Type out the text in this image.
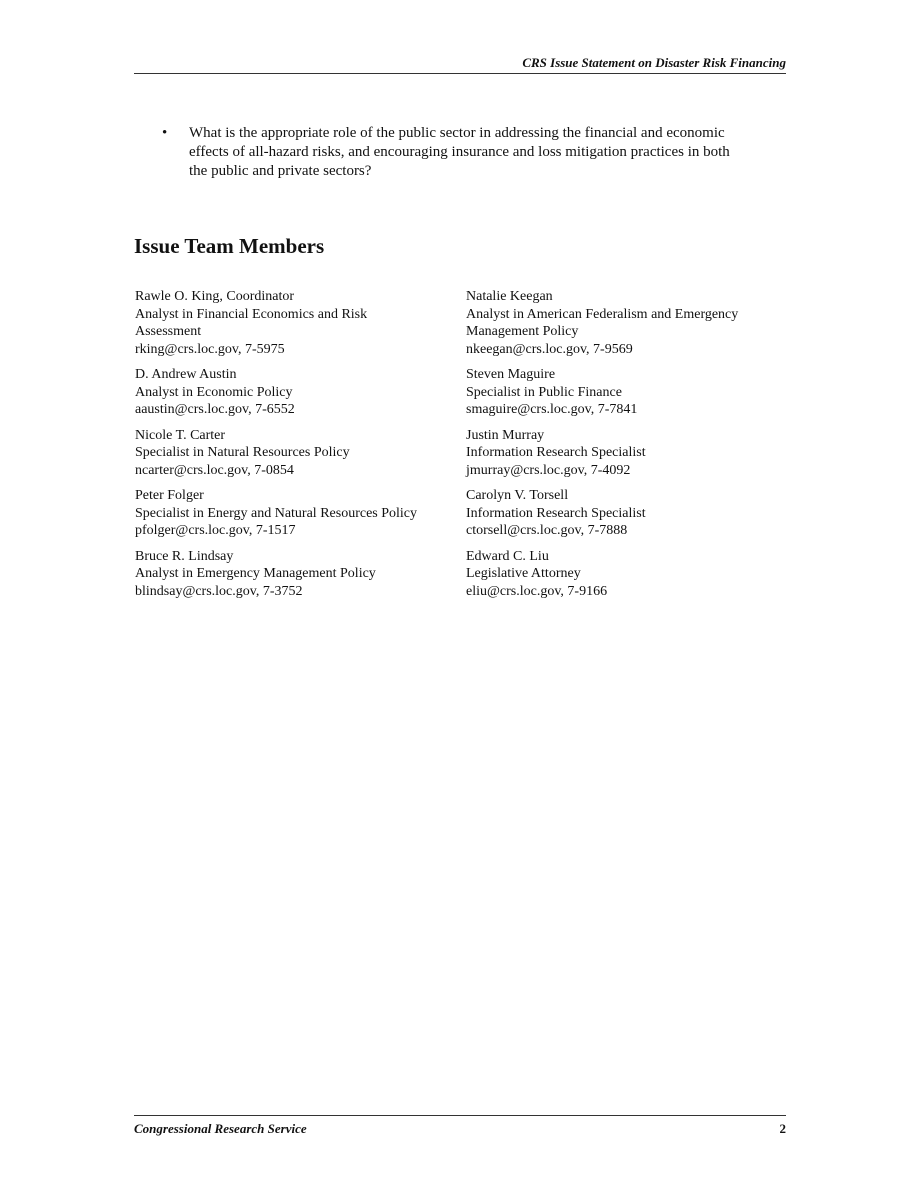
CRS Issue Statement on Disaster Risk Financing
• What is the appropriate role of the public sector in addressing the financial and economic effects of all-hazard risks, and encouraging insurance and loss mitigation practices in both the public and private sectors?
Issue Team Members
Rawle O. King, Coordinator
Analyst in Financial Economics and Risk Assessment
rking@crs.loc.gov, 7-5975
Natalie Keegan
Analyst in American Federalism and Emergency Management Policy
nkeegan@crs.loc.gov, 7-9569
D. Andrew Austin
Analyst in Economic Policy
aaustin@crs.loc.gov, 7-6552
Steven Maguire
Specialist in Public Finance
smaguire@crs.loc.gov, 7-7841
Nicole T. Carter
Specialist in Natural Resources Policy
ncarter@crs.loc.gov, 7-0854
Justin Murray
Information Research Specialist
jmurray@crs.loc.gov, 7-4092
Peter Folger
Specialist in Energy and Natural Resources Policy
pfolger@crs.loc.gov, 7-1517
Carolyn V. Torsell
Information Research Specialist
ctorsell@crs.loc.gov, 7-7888
Bruce R. Lindsay
Analyst in Emergency Management Policy
blindsay@crs.loc.gov, 7-3752
Edward C. Liu
Legislative Attorney
eliu@crs.loc.gov, 7-9166
Congressional Research Service	2
